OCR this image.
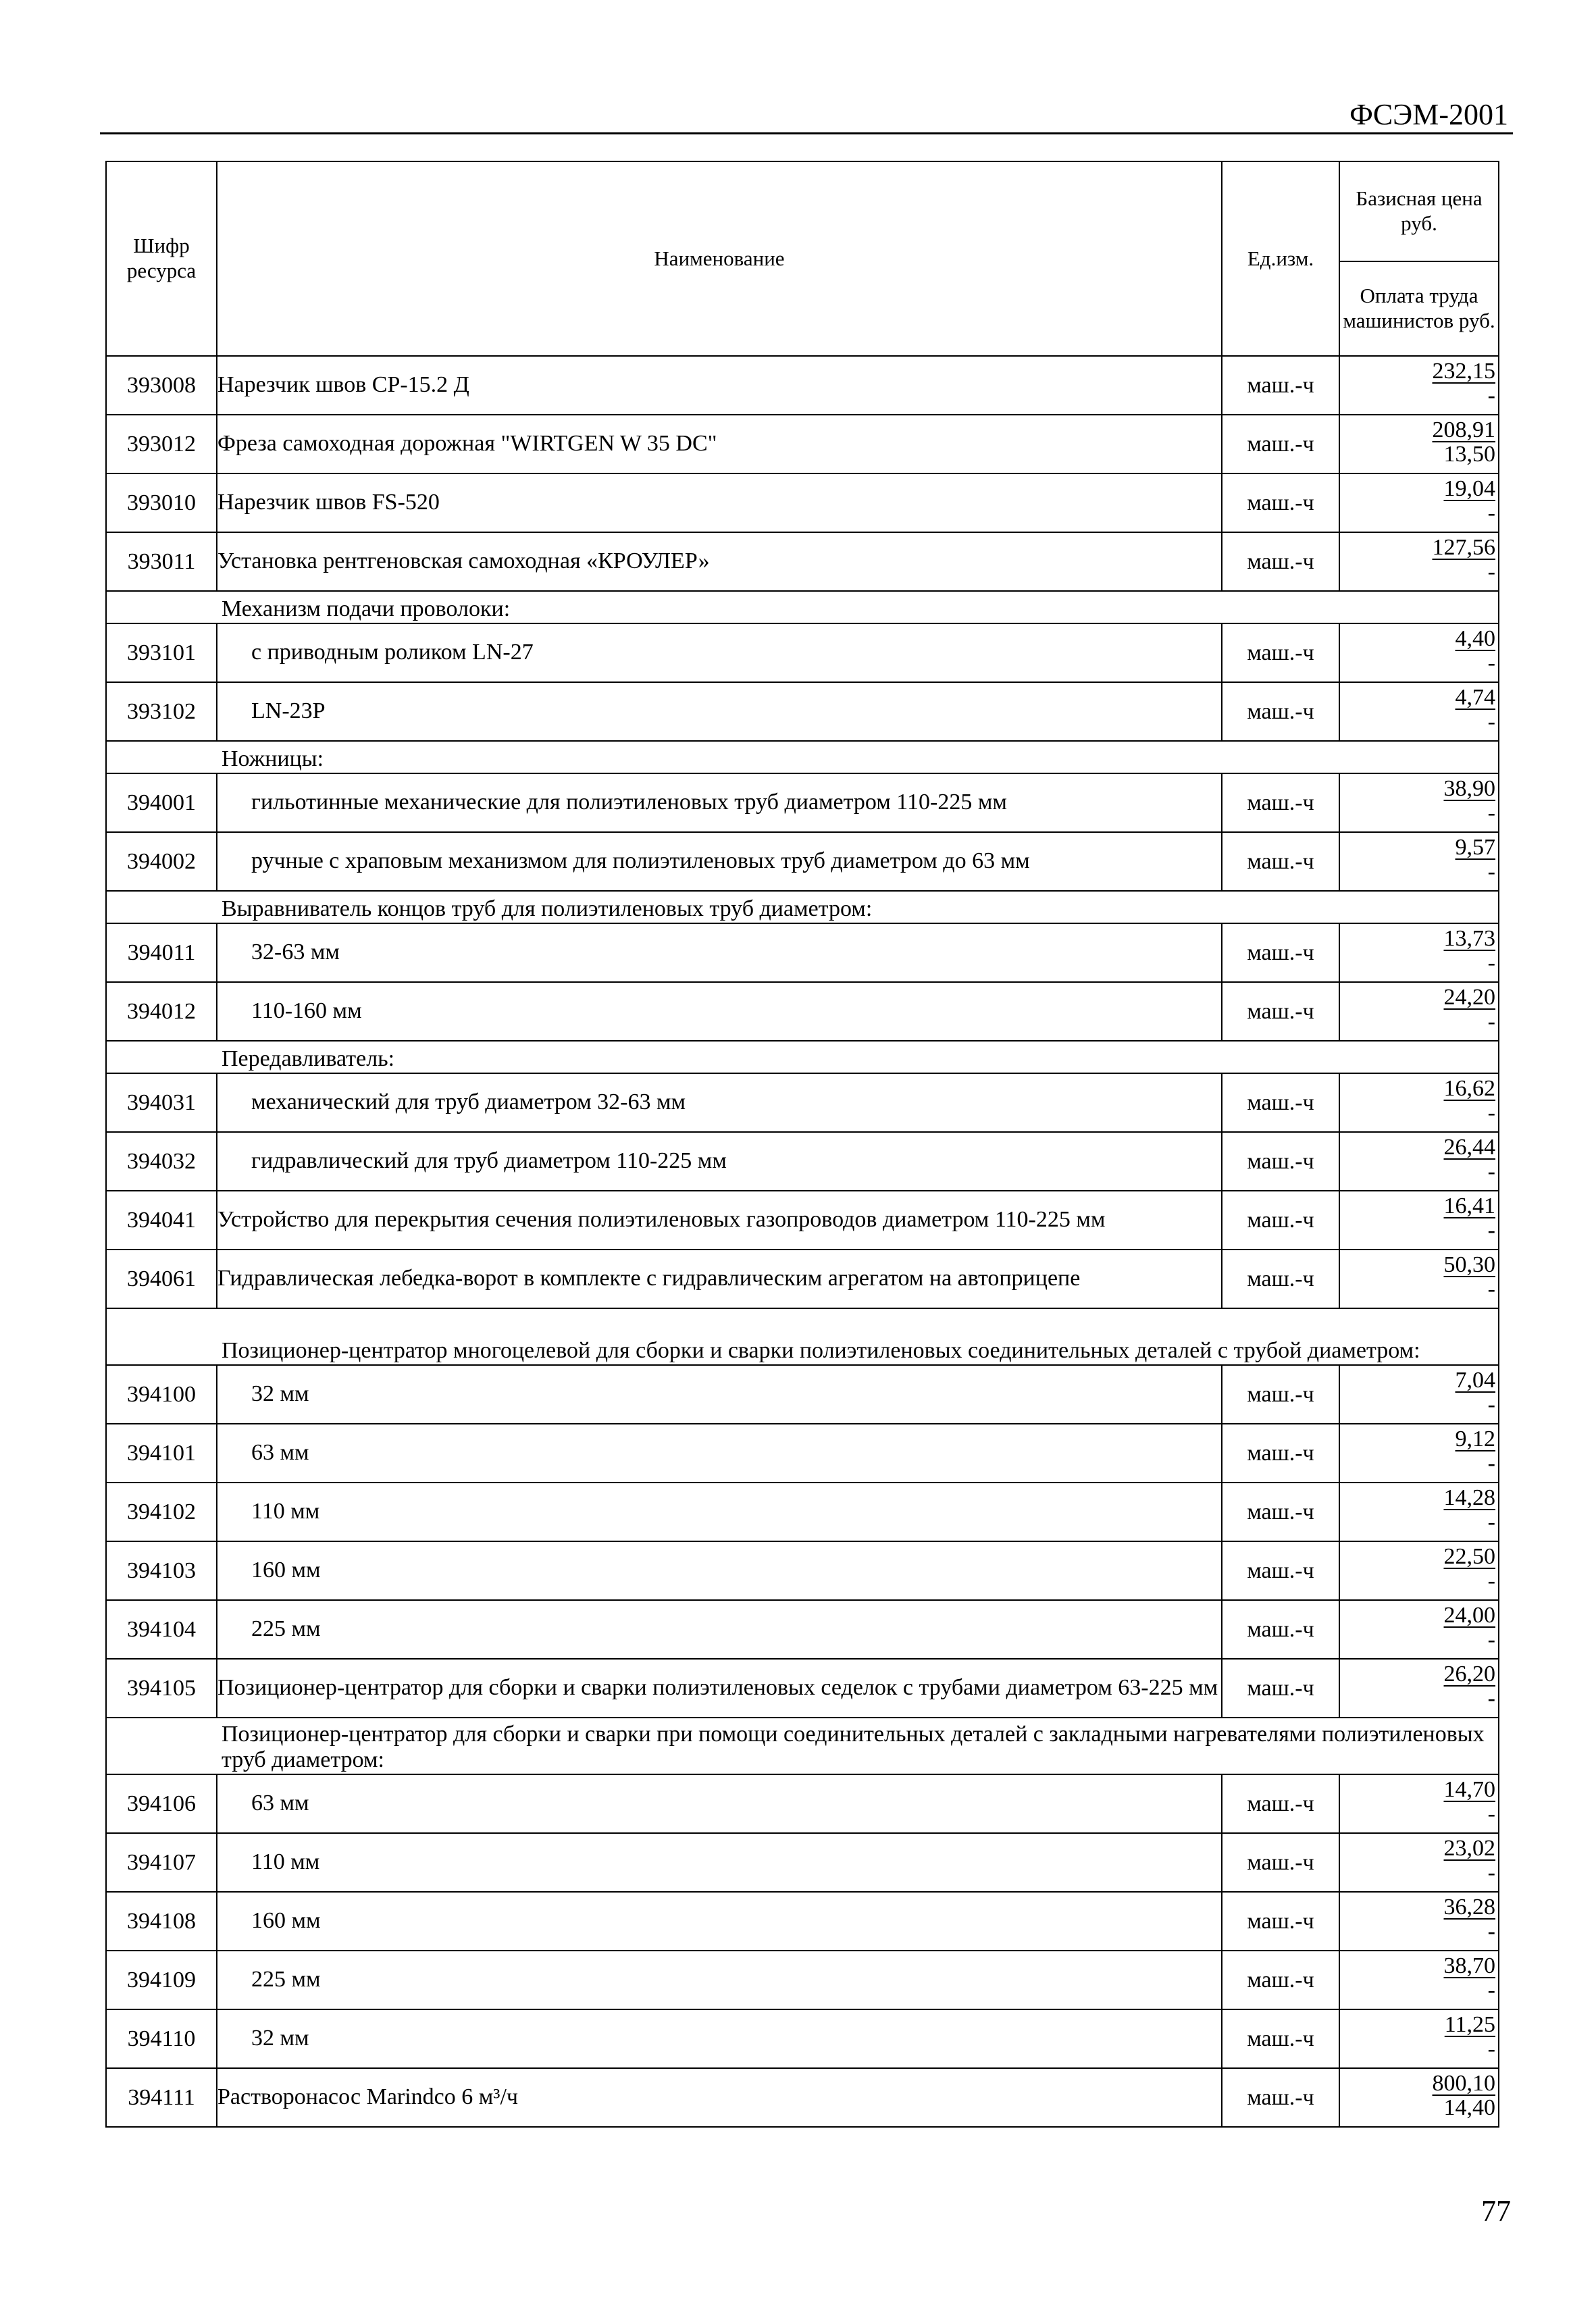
ФСЭМ-2001
Шифр ресурса	Наименование	Ед.изм.	Базисная цена руб.
			Оплата труда машинистов руб.
393008	Нарезчик швов СР-15.2 Д	маш.-ч	232,15
-

393012	Фреза самоходная дорожная "WIRTGEN W 35 DC"	маш.-ч	208,91
13,50

393010	Нарезчик швов FS-520	маш.-ч	19,04
-

393011	Установка рентгеновская самоходная «КРОУЛЕР»	маш.-ч	127,56
-

Механизм подачи проволоки:			
393101	с приводным роликом LN-27	маш.-ч	4,40
-

393102	LN-23P	маш.-ч	4,74
-

Ножницы:			
394001	гильотинные механические для полиэтиленовых труб диаметром 110-225 мм	маш.-ч	38,90
-

394002	ручные с храповым механизмом для полиэтиленовых труб диаметром до 63 мм	маш.-ч	9,57
-

Выравниватель концов труб для полиэтиленовых труб диаметром:			
394011	32-63 мм	маш.-ч	13,73
-

394012	110-160 мм	маш.-ч	24,20
-

Передавливатель:			
394031	механический для труб диаметром 32-63 мм	маш.-ч	16,62
-

394032	гидравлический для труб диаметром 110-225 мм	маш.-ч	26,44
-

394041	Устройство для перекрытия сечения полиэтиленовых газопроводов диаметром 110-225 мм	маш.-ч	16,41
-

394061	Гидравлическая лебедка-ворот в комплекте с гидравлическим агрегатом на автоприцепе	маш.-ч	50,30
-

Позиционер-центратор многоцелевой для сборки и сварки полиэтиленовых соединительных деталей с трубой диаметром:			
394100	32 мм	маш.-ч	7,04
-

394101	63 мм	маш.-ч	9,12
-

394102	110 мм	маш.-ч	14,28
-

394103	160 мм	маш.-ч	22,50
-

394104	225 мм	маш.-ч	24,00
-

394105	Позиционер-центратор для сборки и сварки полиэтиленовых седелок с трубами диаметром 63-225 мм	маш.-ч	26,20
-

Позиционер-центратор для сборки и сварки при помощи соединительных деталей с закладными нагревателями полиэтиленовых труб диаметром:			
394106	63 мм	маш.-ч	14,70
-

394107	110 мм	маш.-ч	23,02
-

394108	160 мм	маш.-ч	36,28
-

394109	225 мм	маш.-ч	38,70
-

394110	32 мм	маш.-ч	11,25
-

394111	Растворонасос Marindco 6 м³/ч	маш.-ч	800,10
14,40
77
